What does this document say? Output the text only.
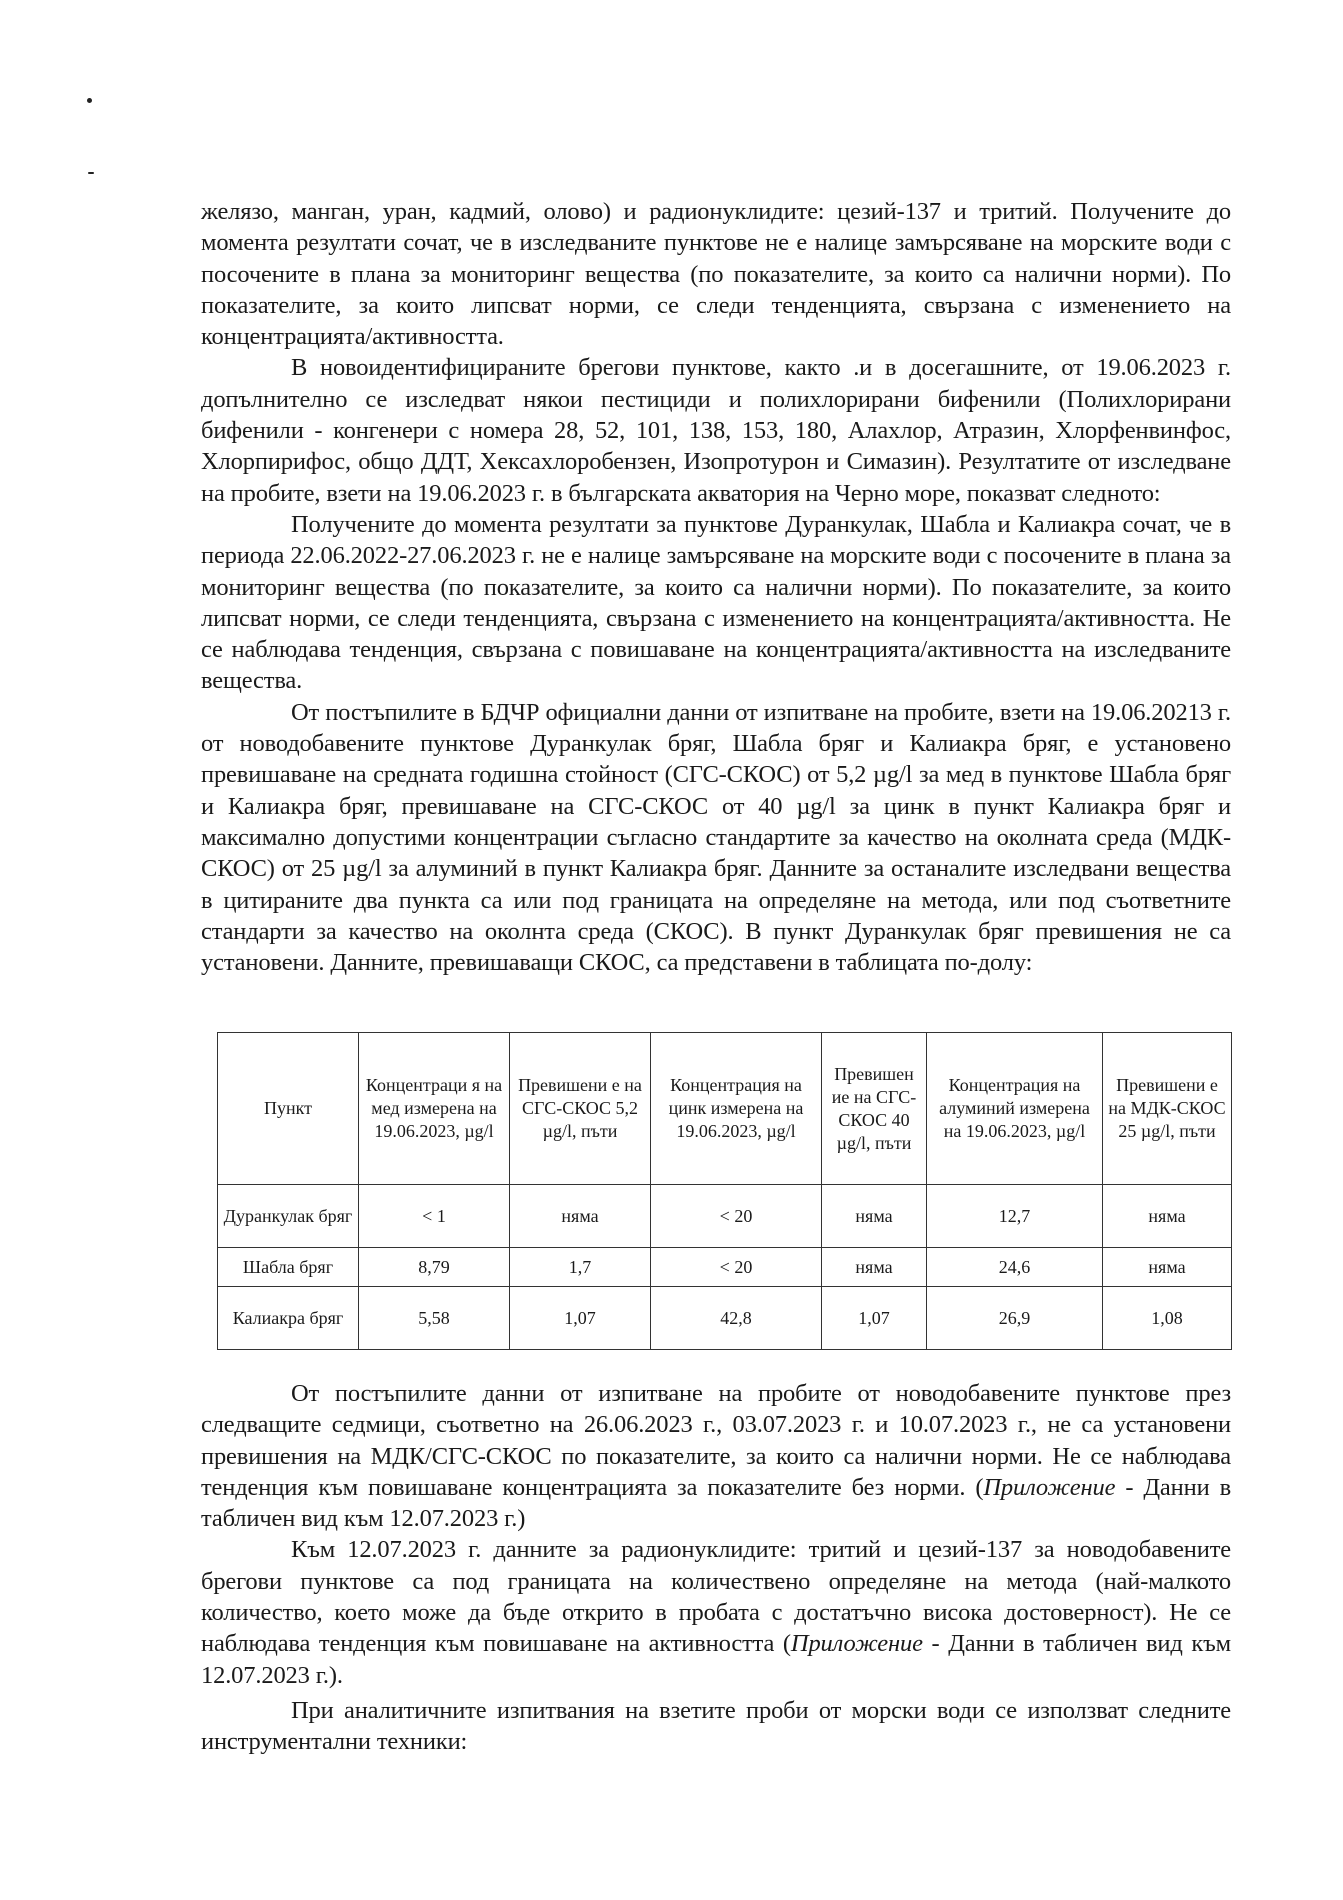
желязо, манган, уран, кадмий, олово) и радионуклидите: цезий-137 и тритий. Получените до момента резултати сочат, че в изследваните пунктове не е налице замърсяване на морските води с посочените в плана за мониторинг вещества (по показателите, за които са налични норми). По показателите, за които липсват норми, се следи тенденцията, свързана с изменението на концентрацията/активността.

В новоидентифицираните брегови пунктове, както .и в досегашните, от 19.06.2023 г. допълнително се изследват някои пестициди и полихлорирани бифенили (Полихлорирани бифенили - конгенери с номера 28, 52, 101, 138, 153, 180, Алахлор, Атразин, Хлорфенвинфос, Хлорпирифос, общо ДДТ, Хексахлоробензен, Изопротурон и Симазин). Резултатите от изследване на пробите, взети на 19.06.2023 г. в българската акватория на Черно море, показват следното:

Получените до момента резултати за пунктове Дуранкулак, Шабла и Калиакра сочат, че в периода 22.06.2022-27.06.2023 г. не е налице замърсяване на морските води с посочените в плана за мониторинг вещества (по показателите, за които са налични норми). По показателите, за които липсват норми, се следи тенденцията, свързана с изменението на концентрацията/активността. Не се наблюдава тенденция, свързана с повишаване на концентрацията/активността на изследваните вещества.

От постъпилите в БДЧР официални данни от изпитване на пробите, взети на 19.06.20213 г. от новодобавените пунктове Дуранкулак бряг, Шабла бряг и Калиакра бряг, е установено превишаване на средната годишна стойност (СГС-СКОС) от 5,2 µg/l за мед в пунктове Шабла бряг и Калиакра бряг, превишаване на СГС-СКОС от 40 µg/l за цинк в пункт Калиакра бряг и максимално допустими концентрации съгласно стандартите за качество на околната среда (МДК-СКОС) от 25 µg/l за алуминий в пункт Калиакра бряг. Данните за останалите изследвани вещества в цитираните два пункта са или под границата на определяне на метода, или под съответните стандарти за качество на околнта среда (СКОС). В пункт Дуранкулак бряг превишения не са установени. Данните, превишаващи СКОС, са представени в таблицата по-долу:

Пункт	Концентраци я на мед измерена на 19.06.2023, µg/l	Превишени е на СГС-СКОС 5,2 µg/l, пъти	Концентрация на цинк измерена на 19.06.2023, µg/l	Превишен ие на СГС-СКОС 40 µg/l, пъти	Концентрация на алуминий измерена на 19.06.2023, µg/l	Превишени е на МДК-СКОС 25 µg/l, пъти
Дуранкулак бряг	< 1	няма	< 20	няма	12,7	няма
Шабла бряг	8,79	1,7	< 20	няма	24,6	няма
Калиакра бряг	5,58	1,07	42,8	1,07	26,9	1,08

От постъпилите данни от изпитване на пробите от новодобавените пунктове през следващите седмици, съответно на 26.06.2023 г., 03.07.2023 г. и 10.07.2023 г., не са установени превишения на МДК/СГС-СКОС по показателите, за които са налични норми. Не се наблюдава тенденция към повишаване концентрацията за показателите без норми. (Приложение - Данни в табличен вид към 12.07.2023 г.)

Към 12.07.2023 г. данните за радионуклидите: тритий и цезий-137 за новодобавените брегови пунктове са под границата на количествено определяне на метода (най-малкото количество, което може да бъде открито в пробата с достатъчно висока достоверност). Не се наблюдава тенденция към повишаване на активността (Приложение - Данни в табличен вид към 12.07.2023 г.).

При аналитичните изпитвания на взетите проби от морски води се използват следните инструментални техники:
